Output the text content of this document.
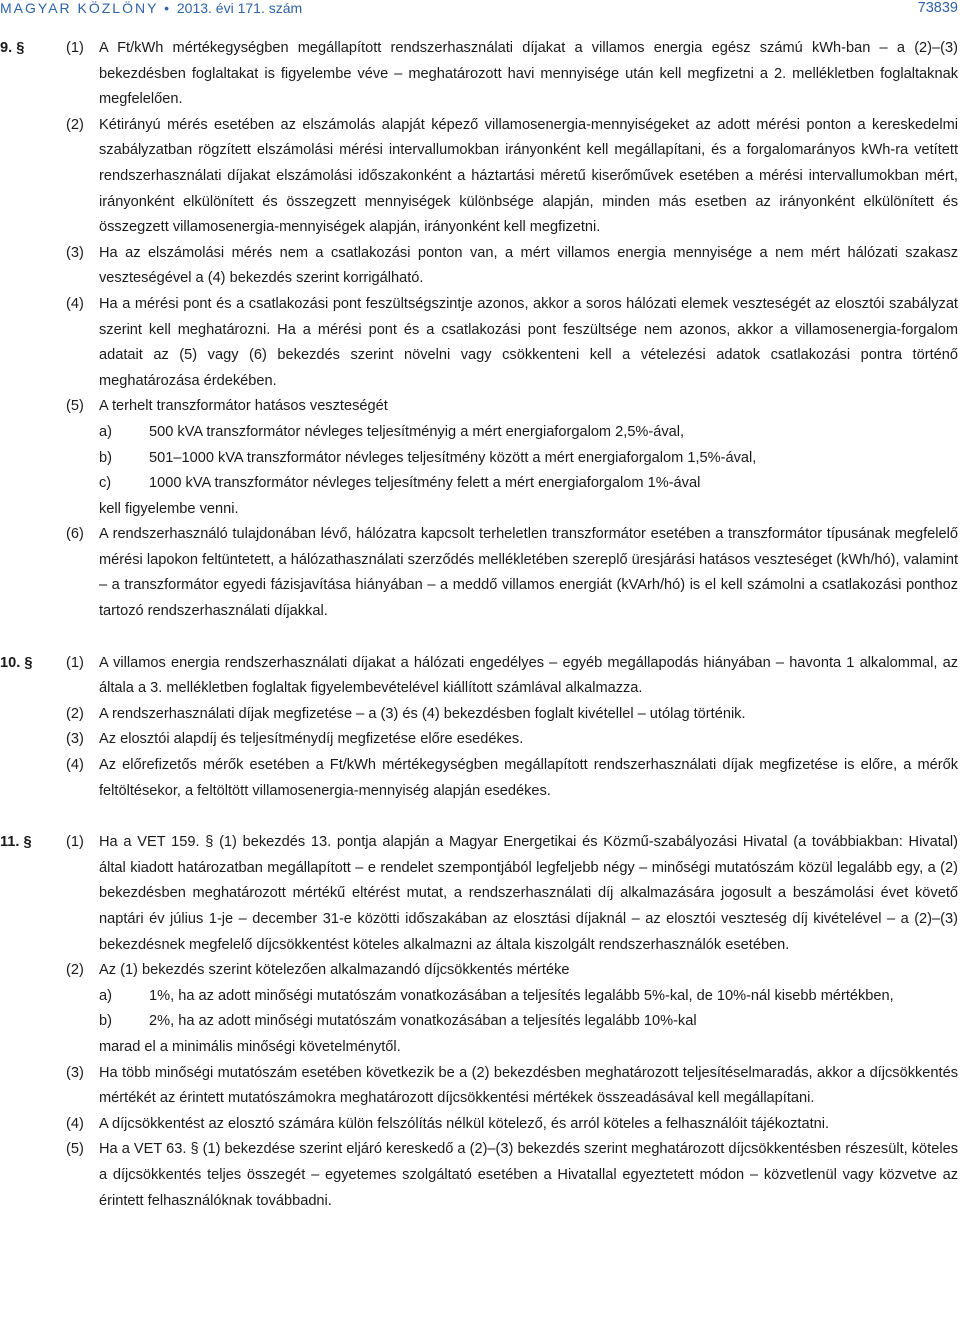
MAGYAR KÖZLÖNY • 2013. évi 171. szám	73839
9. §	(1) A Ft/kWh mértékegységben megállapított rendszerhasználati díjakat a villamos energia egész számú kWh-ban – a (2)–(3) bekezdésben foglaltakat is figyelembe véve – meghatározott havi mennyisége után kell megfizetni a 2. mellékletben foglaltaknak megfelelően.
(2) Kétirányú mérés esetében az elszámolás alapját képező villamosenergia-mennyiségeket az adott mérési ponton a kereskedelmi szabályzatban rögzített elszámolási mérési intervallumokban irányonként kell megállapítani, és a forgalomarányos kWh-ra vetített rendszerhasználati díjakat elszámolási időszakonként a háztartási méretű kiserőművek esetében a mérési intervallumokban mért, irányonként elkülönített és összegzett mennyiségek különbsége alapján, minden más esetben az irányonként elkülönített és összegzett villamosenergia-mennyiségek alapján, irányonként kell megfizetni.
(3) Ha az elszámolási mérés nem a csatlakozási ponton van, a mért villamos energia mennyisége a nem mért hálózati szakasz veszteségével a (4) bekezdés szerint korrigálható.
(4) Ha a mérési pont és a csatlakozási pont feszültségszintje azonos, akkor a soros hálózati elemek veszteségét az elosztói szabályzat szerint kell meghatározni. Ha a mérési pont és a csatlakozási pont feszültsége nem azonos, akkor a villamosenergia-forgalom adatait az (5) vagy (6) bekezdés szerint növelni vagy csökkenteni kell a vételezési adatok csatlakozási pontra történő meghatározása érdekében.
(5) A terhelt transzformátor hatásos veszteségét
a)	500 kVA transzformátor névleges teljesítményig a mért energiaforgalom 2,5%-ával,
b)	501–1000 kVA transzformátor névleges teljesítmény között a mért energiaforgalom 1,5%-ával,
c)	1000 kVA transzformátor névleges teljesítmény felett a mért energiaforgalom 1%-ával
kell figyelembe venni.
(6) A rendszerhasználó tulajdonában lévő, hálózatra kapcsolt terheletlen transzformátor esetében a transzformátor típusának megfelelő mérési lapokon feltüntetett, a hálózathasználati szerződés mellékletében szereplő üresjárási hatásos veszteséget (kWh/hó), valamint – a transzformátor egyedi fázisjavítása hiányában – a meddő villamos energiát (kVArh/hó) is el kell számolni a csatlakozási ponthoz tartozó rendszerhasználati díjakkal.
10. § (1) A villamos energia rendszerhasználati díjakat a hálózati engedélyes – egyéb megállapodás hiányában – havonta 1 alkalommal, az általa a 3. mellékletben foglaltak figyelembevételével kiállított számlával alkalmazza.
(2) A rendszerhasználati díjak megfizetése – a (3) és (4) bekezdésben foglalt kivétellel – utólag történik.
(3) Az elosztói alapdíj és teljesítménydíj megfizetése előre esedékes.
(4) Az előrefizetős mérők esetében a Ft/kWh mértékegységben megállapított rendszerhasználati díjak megfizetése is előre, a mérők feltöltésekor, a feltöltött villamosenergia-mennyiség alapján esedékes.
11. § (1) Ha a VET 159. § (1) bekezdés 13. pontja alapján a Magyar Energetikai és Közmű-szabályozási Hivatal (a továbbiakban: Hivatal) által kiadott határozatban megállapított – e rendelet szempontjából legfeljebb négy – minőségi mutatószám közül legalább egy, a (2) bekezdésben meghatározott mértékű eltérést mutat, a rendszerhasználati díj alkalmazására jogosult a beszámolási évet követő naptári év július 1-je – december 31-e közötti időszakában az elosztási díjaknál – az elosztói veszteség díj kivételével – a (2)–(3) bekezdésnek megfelelő díjcsökkentést köteles alkalmazni az általa kiszolgált rendszerhasználók esetében.
(2) Az (1) bekezdés szerint kötelezően alkalmazandó díjcsökkentés mértéke
a)	1%, ha az adott minőségi mutatószám vonatkozásában a teljesítés legalább 5%-kal, de 10%-nál kisebb mértékben,
b)	2%, ha az adott minőségi mutatószám vonatkozásában a teljesítés legalább 10%-kal
marad el a minimális minőségi követelménytől.
(3) Ha több minőségi mutatószám esetében következik be a (2) bekezdésben meghatározott teljesítéselmaradás, akkor a díjcsökkentés mértékét az érintett mutatószámokra meghatározott díjcsökkentési mértékek összeadásával kell megállapítani.
(4) A díjcsökkentést az elosztó számára külön felszólítás nélkül kötelező, és arról köteles a felhasználóit tájékoztatni.
(5) Ha a VET 63. § (1) bekezdése szerint eljáró kereskedő a (2)–(3) bekezdés szerint meghatározott díjcsökkentésben részesült, köteles a díjcsökkentés teljes összegét – egyetemes szolgáltató esetében a Hivatallal egyeztetett módon – közvetlenül vagy közvetve az érintett felhasználóknak továbbadni.
